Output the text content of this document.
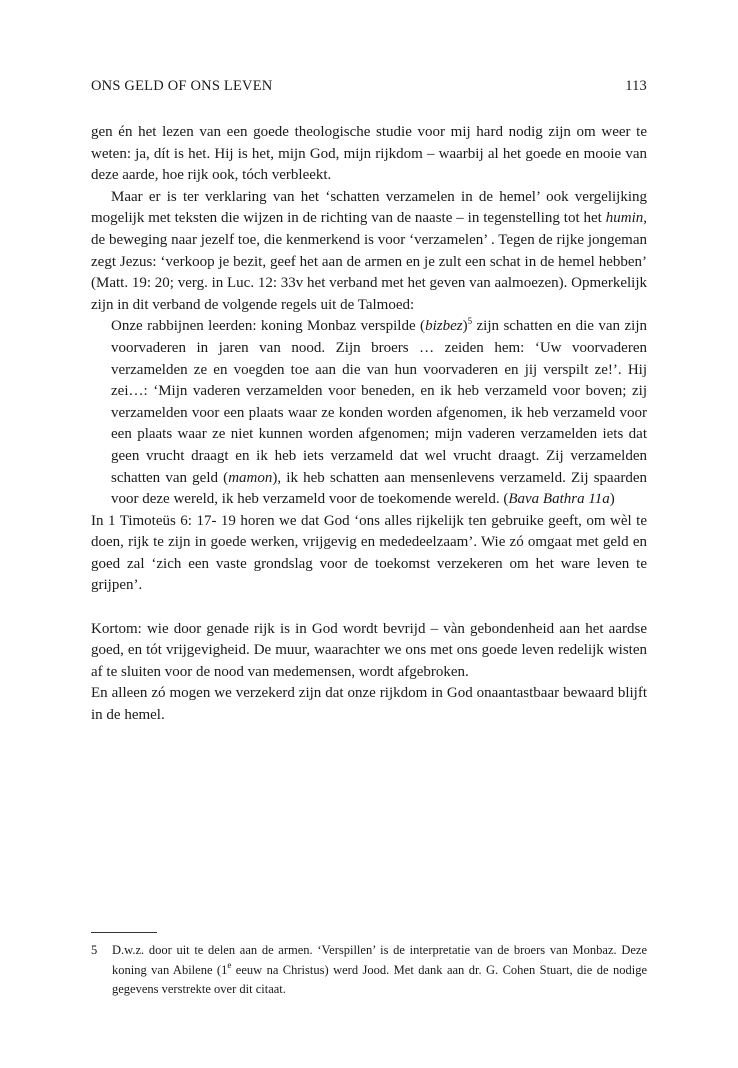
ONS GELD OF ONS LEVEN	113

gen én het lezen van een goede theologische studie voor mij hard nodig zijn om weer te weten: ja, dít is het. Hij is het, mijn God, mijn rijkdom – waarbij al het goede en mooie van deze aarde, hoe rijk ook, tóch verbleekt.

Maar er is ter verklaring van het ‘schatten verzamelen in de hemel’ ook vergelijking mogelijk met teksten die wijzen in de richting van de naaste – in tegenstelling tot het humin, de beweging naar jezelf toe, die kenmerkend is voor ‘verzamelen’ . Tegen de rijke jongeman zegt Jezus: ‘verkoop je bezit, geef het aan de armen en je zult een schat in de hemel hebben’ (Matt. 19: 20; verg. in Luc. 12: 33v het verband met het geven van aalmoezen). Opmerkelijk zijn in dit verband de volgende regels uit de Talmoed:

Onze rabbijnen leerden: koning Monbaz verspilde (bizbez)$^5$ zijn schatten en die van zijn voorvaderen in jaren van nood. Zijn broers … zeiden hem: ‘Uw voorvaderen verzamelden ze en voegden toe aan die van hun voorvaderen en jij verspilt ze!’. Hij zei…: ‘Mijn vaderen verzamelden voor beneden, en ik heb verzameld voor boven; zij verzamelden voor een plaats waar ze konden worden afgenomen, ik heb verzameld voor een plaats waar ze niet kunnen worden afgenomen; mijn vaderen verzamelden iets dat geen vrucht draagt en ik heb iets verzameld dat wel vrucht draagt. Zij verzamelden schatten van geld (mamon), ik heb schatten aan mensenlevens verzameld. Zij spaarden voor deze wereld, ik heb verzameld voor de toekomende wereld. (Bava Bathra 11a)

In 1 Timoteüs 6: 17- 19 horen we dat God ‘ons alles rijkelijk ten gebruike geeft, om wèl te doen, rijk te zijn in goede werken, vrijgevig en mededeelzaam’. Wie zó omgaat met geld en goed zal ‘zich een vaste grondslag voor de toekomst verzekeren om het ware leven te grijpen’.

Kortom: wie door genade rijk is in God wordt bevrijd – vàn gebondenheid aan het aardse goed, en tót vrijgevigheid. De muur, waarachter we ons met ons goede leven redelijk wisten af te sluiten voor de nood van medemensen, wordt afgebroken.

En alleen zó mogen we verzekerd zijn dat onze rijkdom in God onaantastbaar bewaard blijft in de hemel.

5 D.w.z. door uit te delen aan de armen. ‘Verspillen’ is de interpretatie van de broers van Monbaz. Deze koning van Abilene (1e eeuw na Christus) werd Jood. Met dank aan dr. G. Cohen Stuart, die de nodige gegevens verstrekte over dit citaat.
